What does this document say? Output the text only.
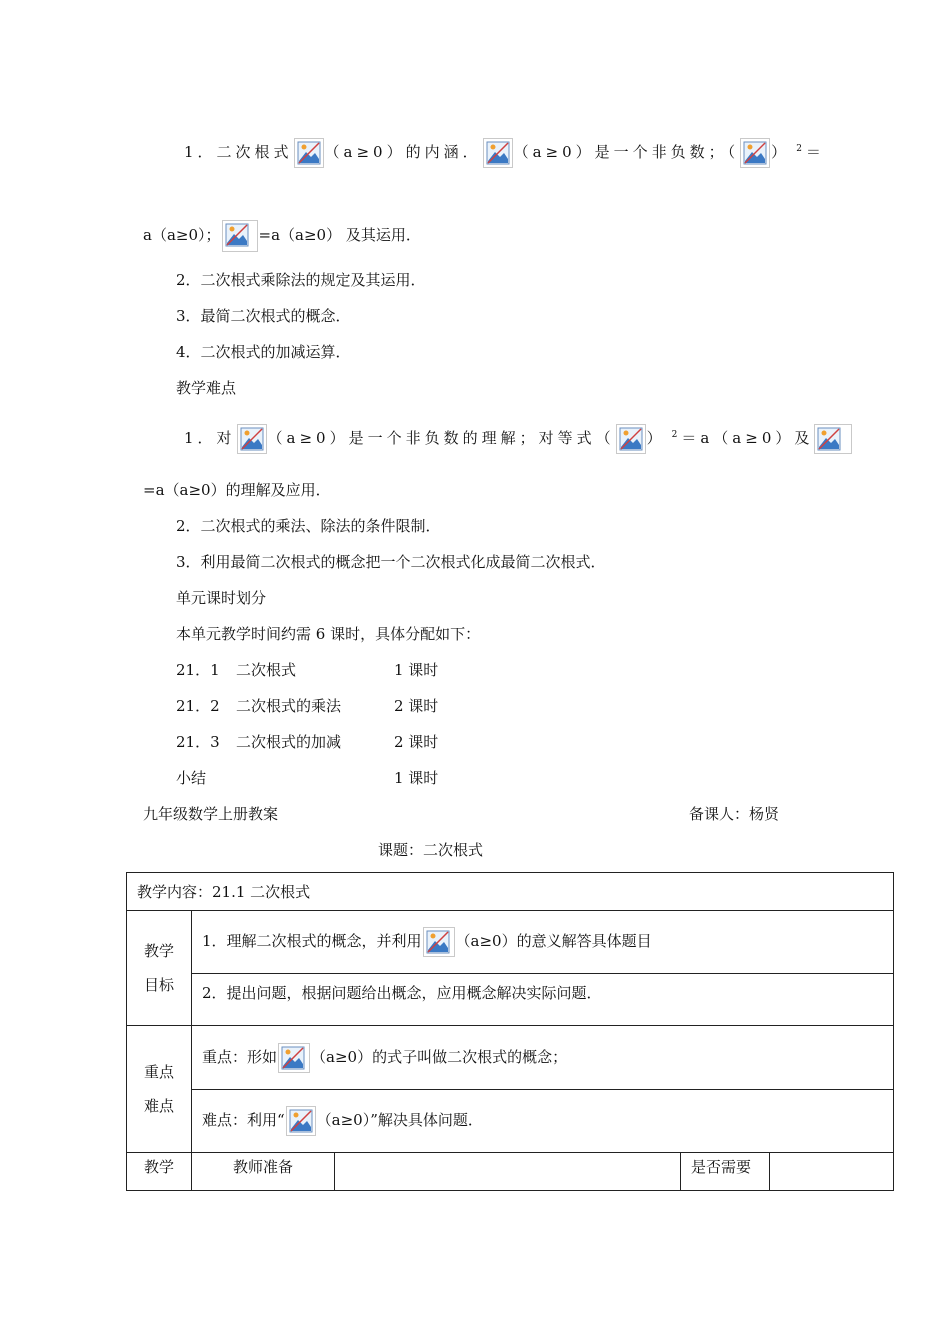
1．二次根式 （a≥0）的内涵． （a≥0）是一个非负数；（ ） $^2$＝
a（a≥0）；	=a（a≥0） 及其运用．
2．二次根式乘除法的规定及其运用．
3．最简二次根式的概念．
4．二次根式的加减运算．
教学难点
1．对 （a≥0）是一个非负数的理解；对等式（ ） $^2$＝a（a≥0）及
=a（a≥0）的理解及应用．
2．二次根式的乘法、除法的条件限制．
3．利用最简二次根式的概念把一个二次根式化成最简二次根式．
单元课时划分
本单元教学时间约需 6 课时，具体分配如下：
21．1 二次根式	1 课时
21．2 二次根式的乘法	2 课时
21．3 二次根式的加减	2 课时
小结	1 课时
九年级数学上册教案	备课人：杨贤
课题：二次根式
教学内容：21.1 二次根式				

教学
目标	1．理解二次根式的概念，并利用 （a≥0）的意义解答具体题目			
	2．提出问题，根据问题给出概念，应用概念解决实际问题．			

重点
难点	重点：形如 （a≥0）的式子叫做二次根式的概念；			
	难点：利用“ （a≥0）”解决具体问题．			
教学	教师准备		是否需要	
